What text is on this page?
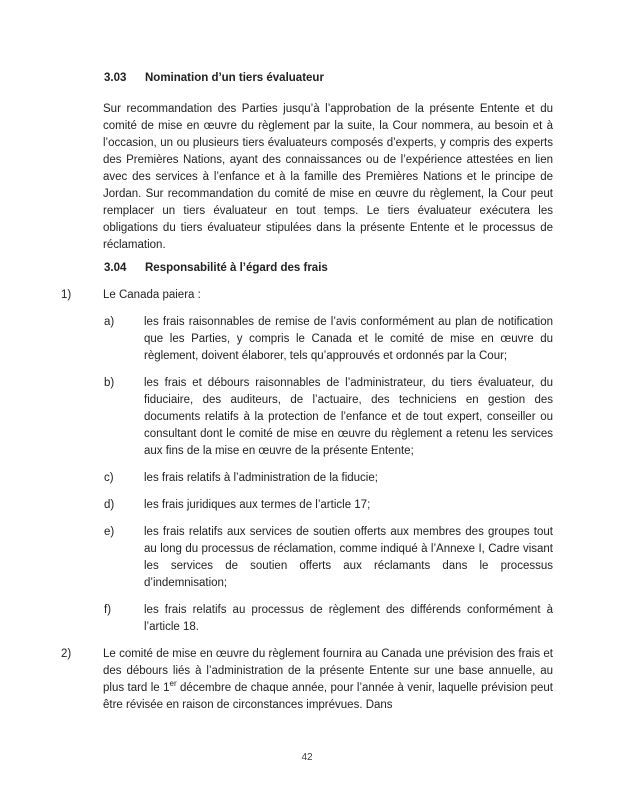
3.03	Nomination d’un tiers évaluateur

Sur recommandation des Parties jusqu’à l’approbation de la présente Entente et du comité de mise en œuvre du règlement par la suite, la Cour nommera, au besoin et à l’occasion, un ou plusieurs tiers évaluateurs composés d’experts, y compris des experts des Premières Nations, ayant des connaissances ou de l’expérience attestées en lien avec des services à l’enfance et à la famille des Premières Nations et le principe de Jordan. Sur recommandation du comité de mise en œuvre du règlement, la Cour peut remplacer un tiers évaluateur en tout temps. Le tiers évaluateur exécutera les obligations du tiers évaluateur stipulées dans la présente Entente et le processus de réclamation.

3.04	Responsabilité à l’égard des frais
1)	Le Canada paiera :
a)	les frais raisonnables de remise de l’avis conformément au plan de notification que les Parties, y compris le Canada et le comité de mise en œuvre du règlement, doivent élaborer, tels qu’approuvés et ordonnés par la Cour;
b)	les frais et débours raisonnables de l’administrateur, du tiers évaluateur, du fiduciaire, des auditeurs, de l’actuaire, des techniciens en gestion des documents relatifs à la protection de l’enfance et de tout expert, conseiller ou consultant dont le comité de mise en œuvre du règlement a retenu les services aux fins de la mise en œuvre de la présente Entente;
c)	les frais relatifs à l’administration de la fiducie;
d)	les frais juridiques aux termes de l’article 17;
e)	les frais relatifs aux services de soutien offerts aux membres des groupes tout au long du processus de réclamation, comme indiqué à l’Annexe I, Cadre visant les services de soutien offerts aux réclamants dans le processus d’indemnisation;
f)	les frais relatifs au processus de règlement des différends conformément à l’article 18.
2)	Le comité de mise en œuvre du règlement fournira au Canada une prévision des frais et des débours liés à l’administration de la présente Entente sur une base annuelle, au plus tard le 1er décembre de chaque année, pour l’année à venir, laquelle prévision peut être révisée en raison de circonstances imprévues. Dans
42
